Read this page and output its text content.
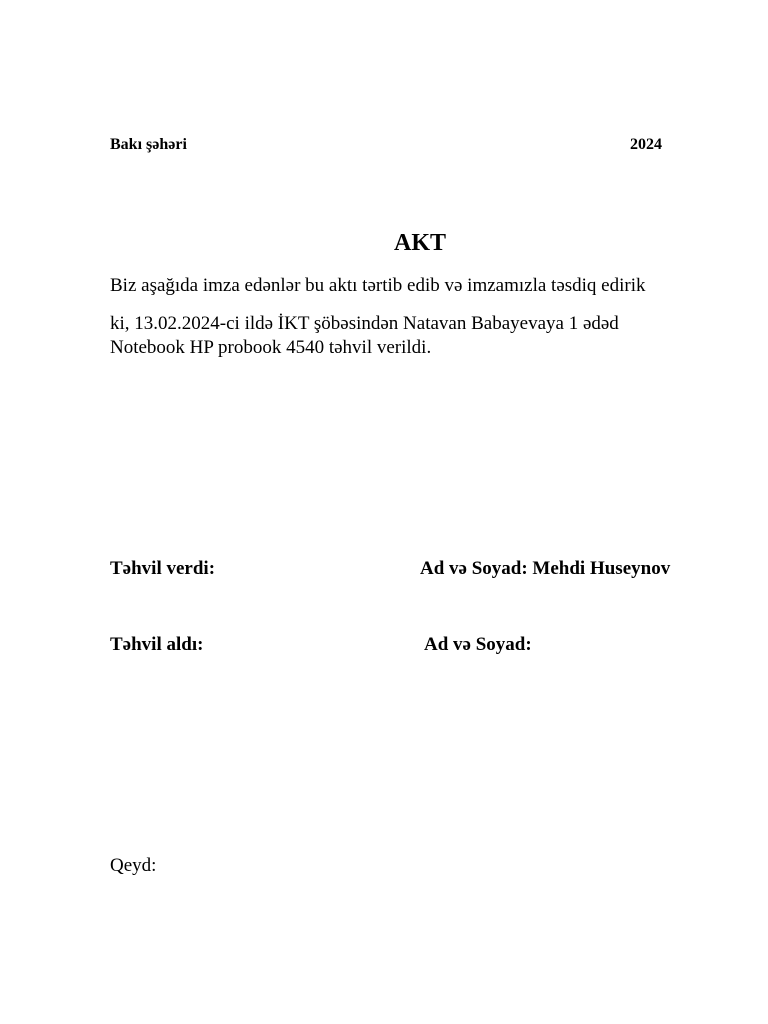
Bakı şəhəri	2024
AKT
Biz aşağıda imza edənlər bu aktı tərtib edib və imzamızla təsdiq edirik
ki, 13.02.2024-ci ildə İKT şöbəsindən Natavan Babayevaya 1 ədəd
Notebook HP probook 4540 təhvil verildi.
Təhvil verdi:	Ad və Soyad: Mehdi Huseynov
Təhvil aldı:	Ad və Soyad:
Qeyd:
